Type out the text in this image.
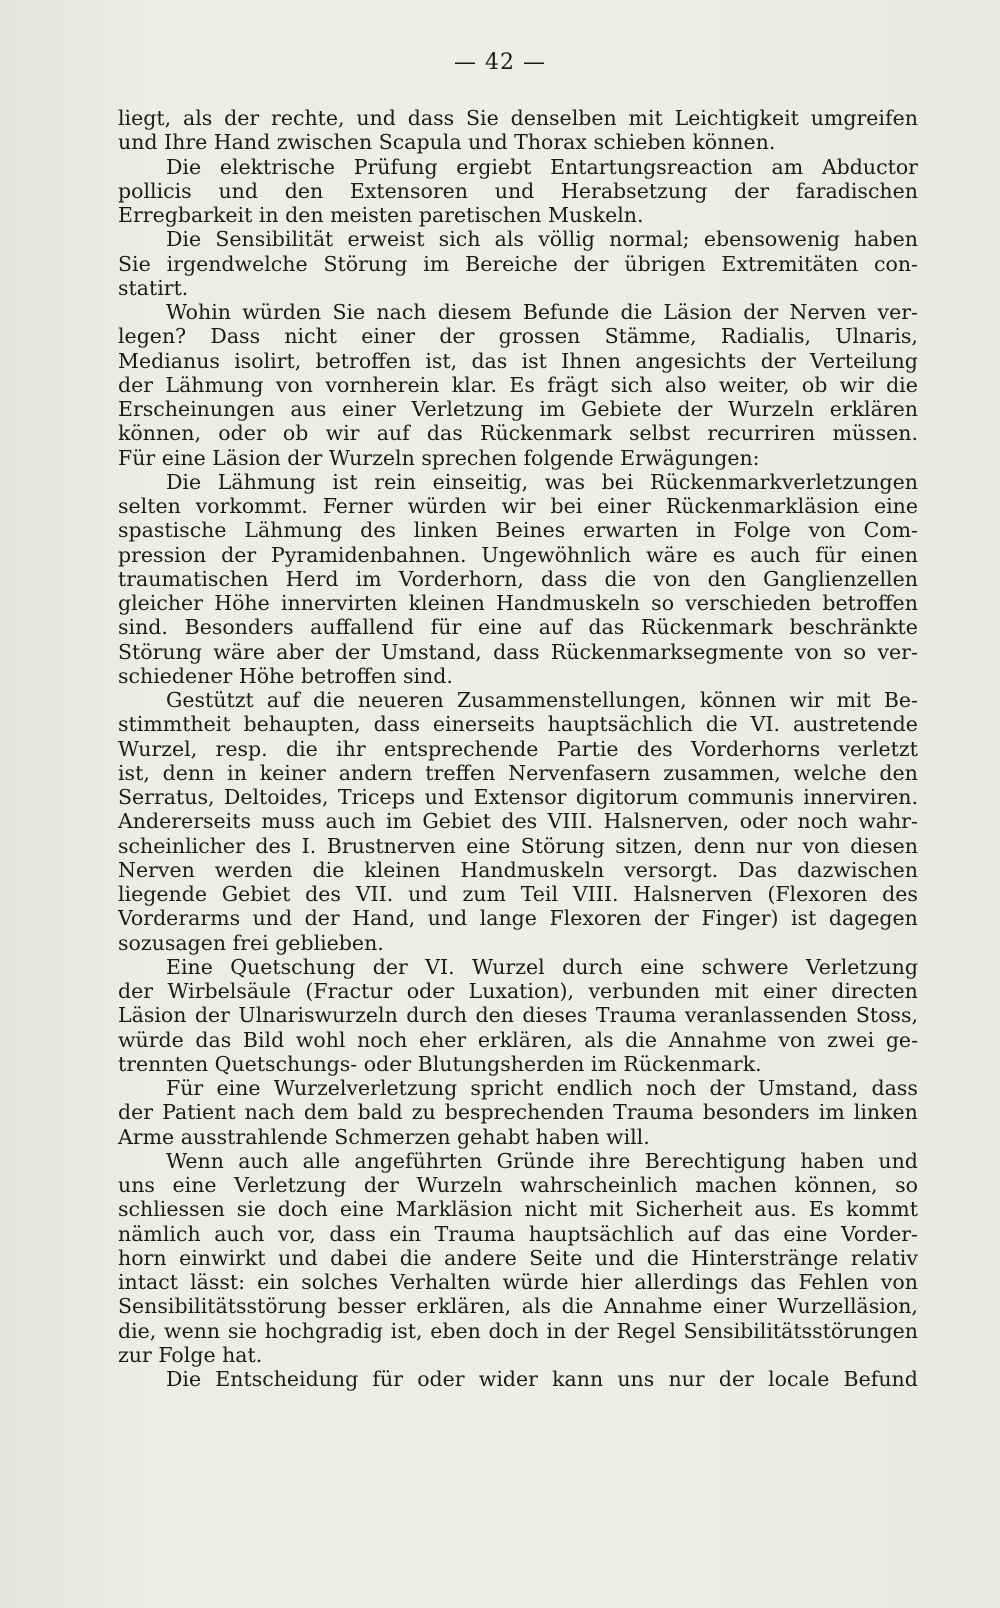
— 42 —
liegt, als der rechte, und dass Sie denselben mit Leichtigkeit umgreifen
und Ihre Hand zwischen Scapula und Thorax schieben können.
Die elektrische Prüfung ergiebt Entartungsreaction am Abductor
pollicis und den Extensoren und Herabsetzung der faradischen
Erregbarkeit in den meisten paretischen Muskeln.
Die Sensibilität erweist sich als völlig normal; ebensowenig haben
Sie irgendwelche Störung im Bereiche der übrigen Extremitäten con-
statirt.
Wohin würden Sie nach diesem Befunde die Läsion der Nerven ver-
legen? Dass nicht einer der grossen Stämme, Radialis, Ulnaris,
Medianus isolirt, betroffen ist, das ist Ihnen angesichts der Verteilung
der Lähmung von vornherein klar. Es frägt sich also weiter, ob wir die
Erscheinungen aus einer Verletzung im Gebiete der Wurzeln erklären
können, oder ob wir auf das Rückenmark selbst recurriren müssen.
Für eine Läsion der Wurzeln sprechen folgende Erwägungen:
Die Lähmung ist rein einseitig, was bei Rückenmarkverletzungen
selten vorkommt. Ferner würden wir bei einer Rückenmarkläsion eine
spastische Lähmung des linken Beines erwarten in Folge von Com-
pression der Pyramidenbahnen. Ungewöhnlich wäre es auch für einen
traumatischen Herd im Vorderhorn, dass die von den Ganglienzellen
gleicher Höhe innervirten kleinen Handmuskeln so verschieden betroffen
sind. Besonders auffallend für eine auf das Rückenmark beschränkte
Störung wäre aber der Umstand, dass Rückenmarksegmente von so ver-
schiedener Höhe betroffen sind.
Gestützt auf die neueren Zusammenstellungen, können wir mit Be-
stimmtheit behaupten, dass einerseits hauptsächlich die VI. austretende
Wurzel, resp. die ihr entsprechende Partie des Vorderhorns verletzt
ist, denn in keiner andern treffen Nervenfasern zusammen, welche den
Serratus, Deltoides, Triceps und Extensor digitorum communis innerviren.
Andererseits muss auch im Gebiet des VIII. Halsnerven, oder noch wahr-
scheinlicher des I. Brustnerven eine Störung sitzen, denn nur von diesen
Nerven werden die kleinen Handmuskeln versorgt. Das dazwischen
liegende Gebiet des VII. und zum Teil VIII. Halsnerven (Flexoren des
Vorderarms und der Hand, und lange Flexoren der Finger) ist dagegen
sozusagen frei geblieben.
Eine Quetschung der VI. Wurzel durch eine schwere Verletzung
der Wirbelsäule (Fractur oder Luxation), verbunden mit einer directen
Läsion der Ulnariswurzeln durch den dieses Trauma veranlassenden Stoss,
würde das Bild wohl noch eher erklären, als die Annahme von zwei ge-
trennten Quetschungs- oder Blutungsherden im Rückenmark.
Für eine Wurzelverletzung spricht endlich noch der Umstand, dass
der Patient nach dem bald zu besprechenden Trauma besonders im linken
Arme ausstrahlende Schmerzen gehabt haben will.
Wenn auch alle angeführten Gründe ihre Berechtigung haben und
uns eine Verletzung der Wurzeln wahrscheinlich machen können, so
schliessen sie doch eine Markläsion nicht mit Sicherheit aus. Es kommt
nämlich auch vor, dass ein Trauma hauptsächlich auf das eine Vorder-
horn einwirkt und dabei die andere Seite und die Hinterstränge relativ
intact lässt: ein solches Verhalten würde hier allerdings das Fehlen von
Sensibilitätsstörung besser erklären, als die Annahme einer Wurzelläsion,
die, wenn sie hochgradig ist, eben doch in der Regel Sensibilitätsstörungen
zur Folge hat.
Die Entscheidung für oder wider kann uns nur der locale Befund
